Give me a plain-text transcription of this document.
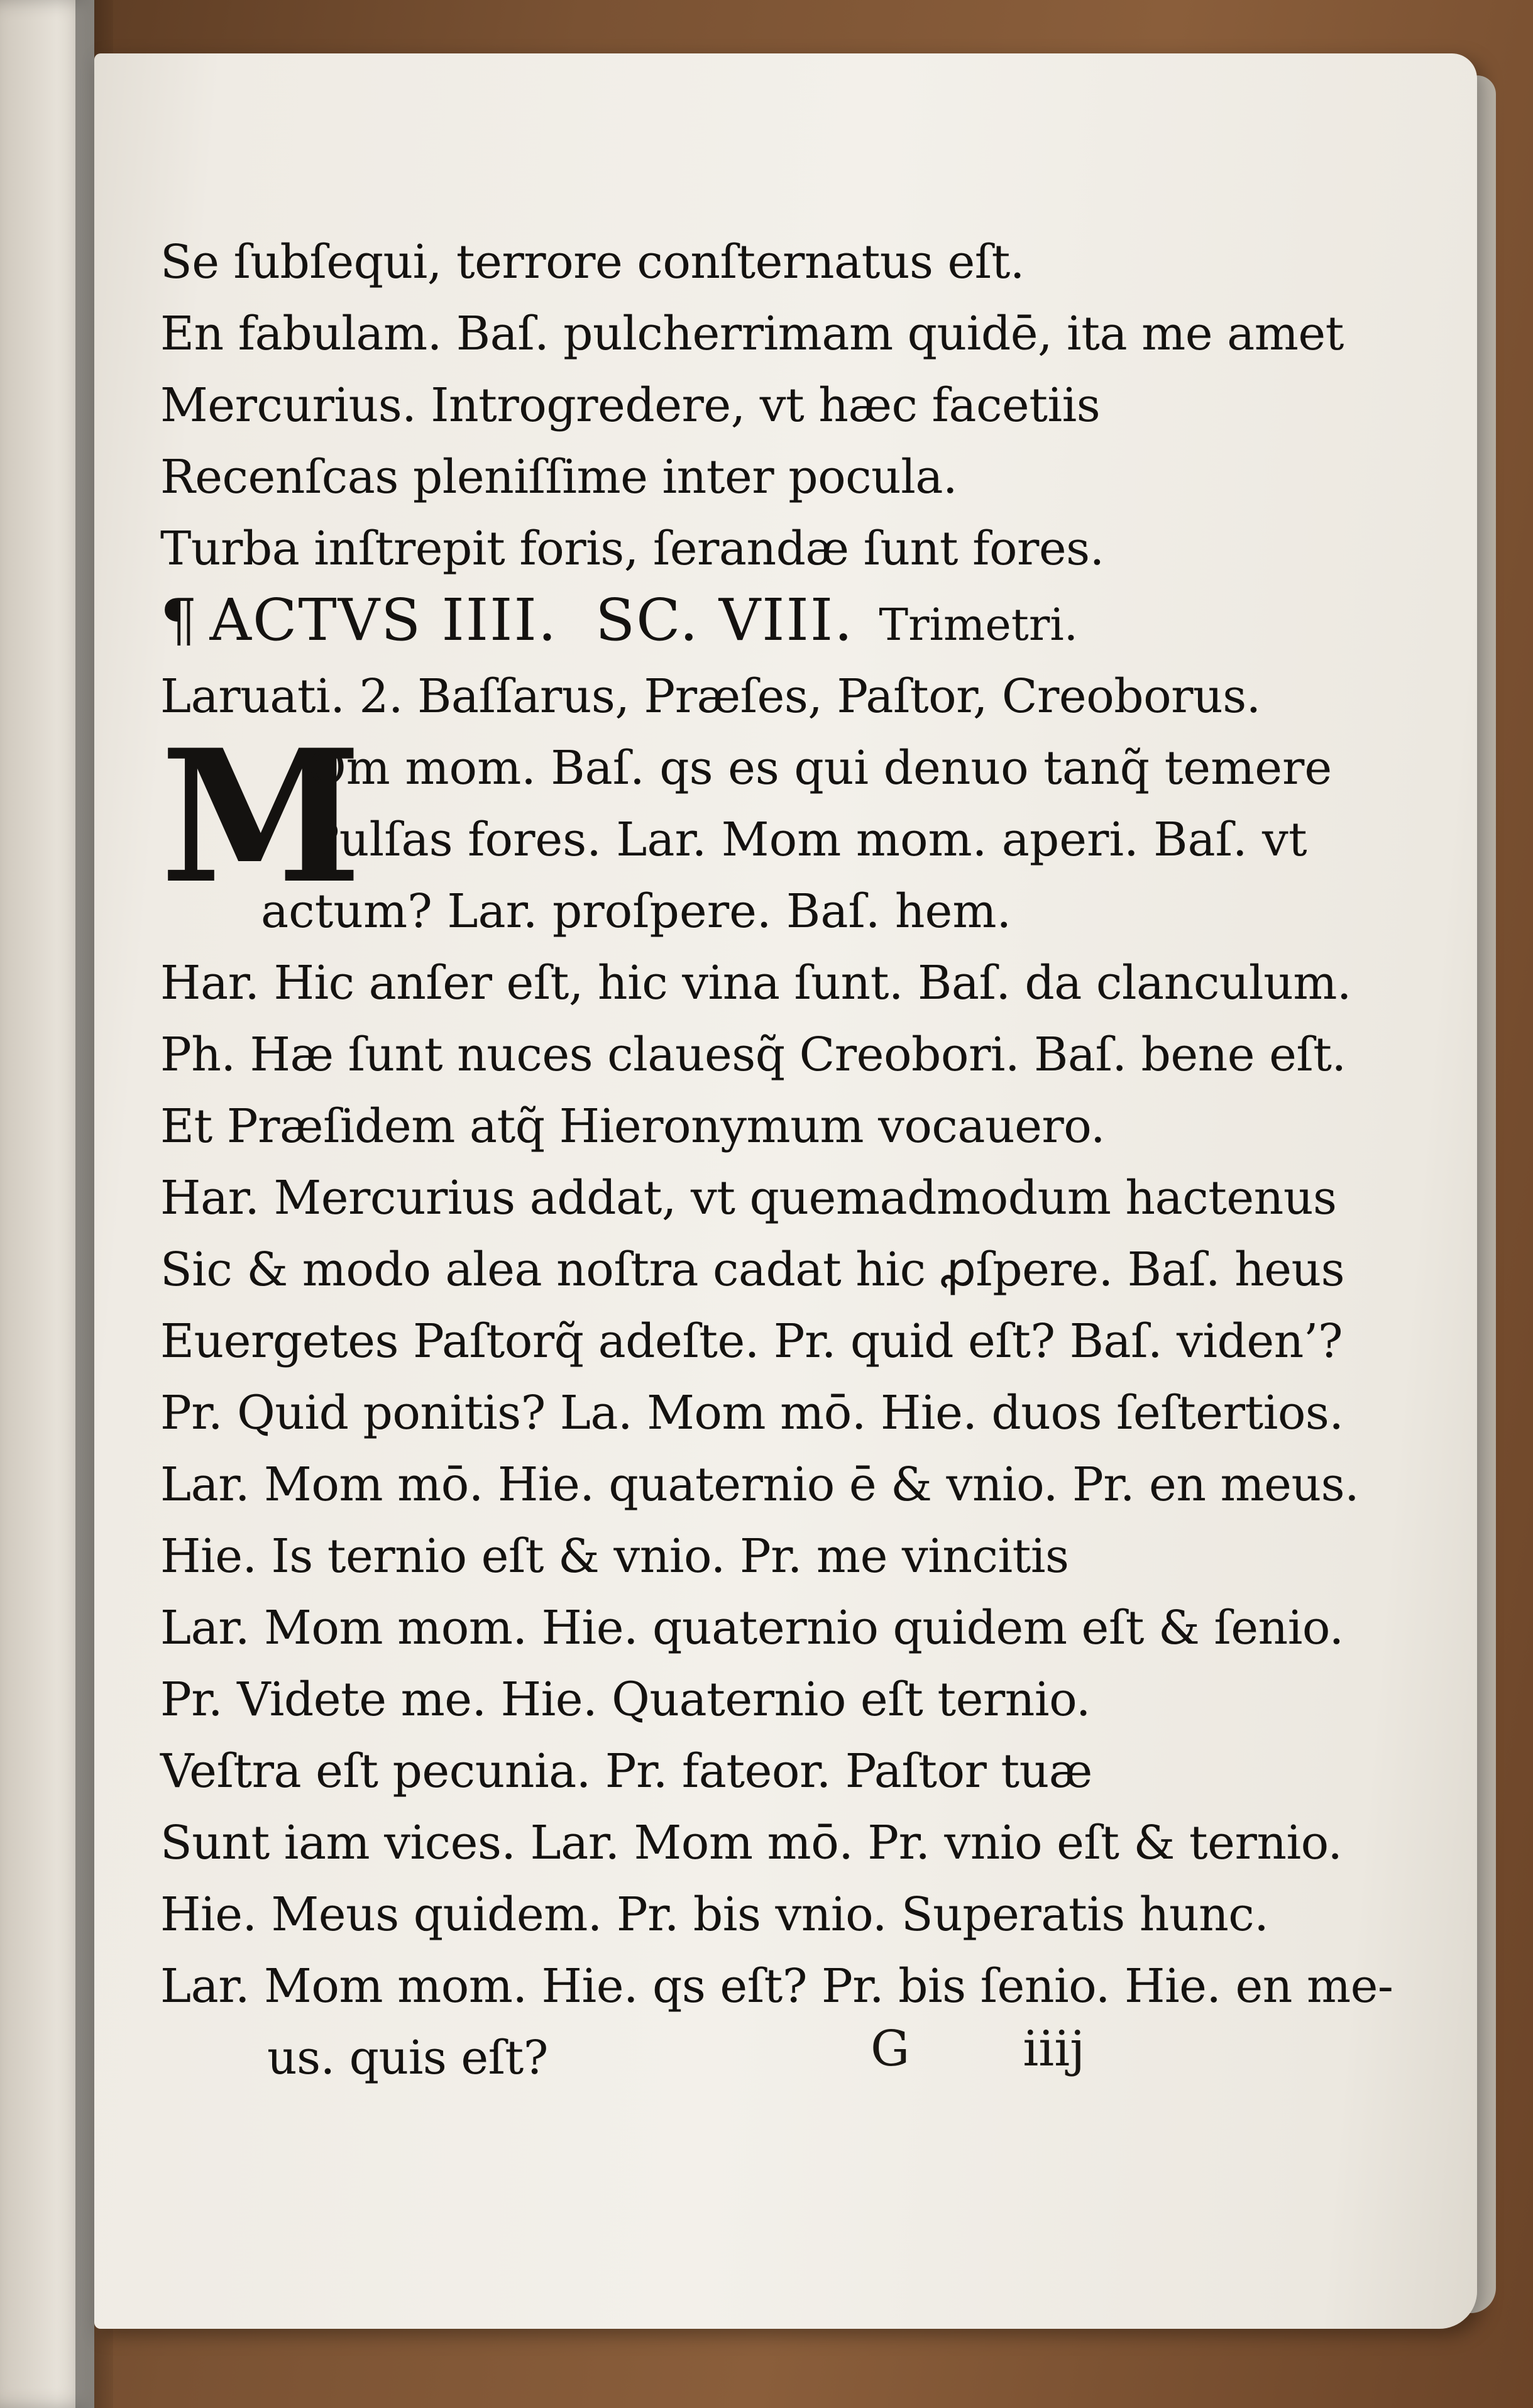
Se ſubſequi, terrore conſternatus eſt.
En fabulam. Baſ. pulcherrimam quidē, ita me amet
Mercurius. Introgredere, vt hæc facetiis
Recenſcas pleniſſime inter pocula.
Turba inſtrepit foris, ſerandæ ſunt fores.
¶ ACTVS IIII. SC. VIII. Trimetri.
Laruati. 2. Baſſarus, Præſes, Paſtor, Creoborus.
M
Om mom. Baſ. qs es qui denuo tanq̃ temere
Pulſas fores. Lar. Mom mom. aperi. Baſ. vt
actum? Lar. proſpere. Baſ. hem.
Har. Hic anſer eſt, hic vina ſunt. Baſ. da clanculum.
Ph. Hæ ſunt nuces clauesq̃ Creobori. Baſ. bene eſt.
Et Præſidem atq̃ Hieronymum vocauero.
Har. Mercurius addat, vt quemadmodum hactenus
Sic & modo alea noſtra cadat hic ꝓſpere. Baſ. heus
Euergetes Paſtorq̃ adeſte. Pr. quid eſt? Baſ. viden’?
Pr. Quid ponitis? La. Mom mō. Hie. duos ſeſtertios.
Lar. Mom mō. Hie. quaternio ē & vnio. Pr. en meus.
Hie. Is ternio eſt & vnio. Pr. me vincitis
Lar. Mom mom. Hie. quaternio quidem eſt & ſenio.
Pr. Videte me. Hie. Quaternio eſt ternio.
Veſtra eſt pecunia. Pr. fateor. Paſtor tuæ
Sunt iam vices. Lar. Mom mō. Pr. vnio eſt & ternio.
Hie. Meus quidem. Pr. bis vnio. Superatis hunc.
Lar. Mom mom. Hie. qs eſt? Pr. bis ſenio. Hie. en me-
us. quis eſt?	G iiij
